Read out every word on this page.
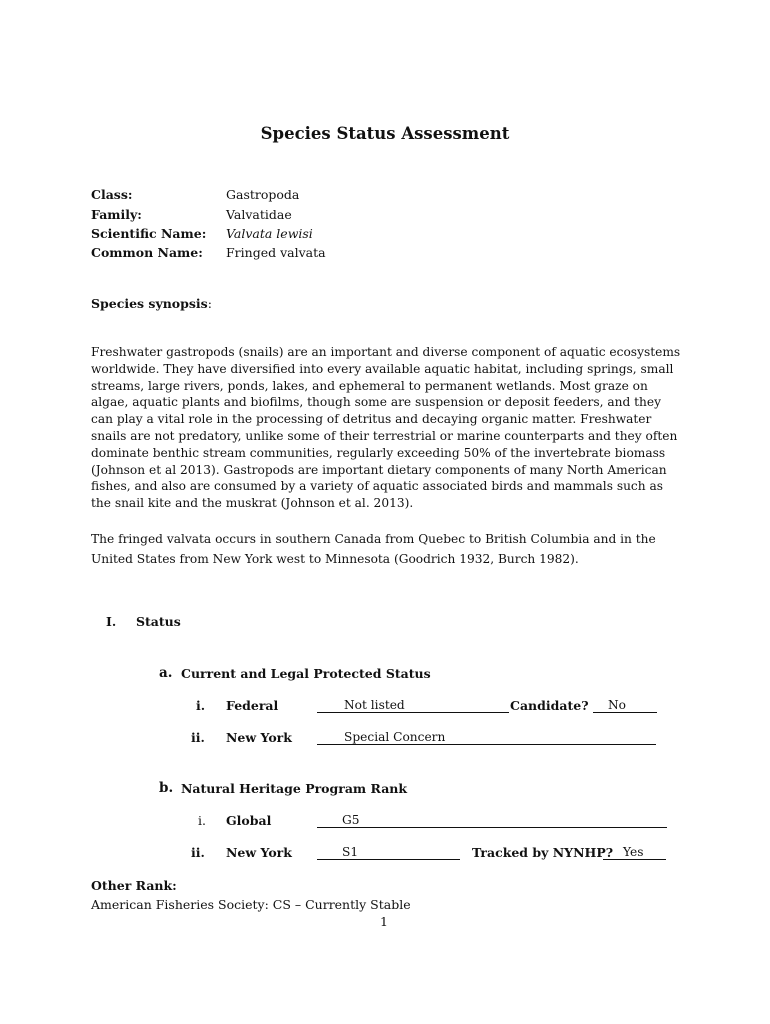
Species Status Assessment
Class:	Gastropoda
Family:	Valvatidae
Scientific Name: Valvata lewisi
Common Name: Fringed valvata
Species synopsis:
Freshwater gastropods (snails) are an important and diverse component of aquatic ecosystems worldwide. They have diversified into every available aquatic habitat, including springs, small streams, large rivers, ponds, lakes, and ephemeral to permanent wetlands. Most graze on algae, aquatic plants and biofilms, though some are suspension or deposit feeders, and they can play a vital role in the processing of detritus and decaying organic matter. Freshwater snails are not predatory, unlike some of their terrestrial or marine counterparts and they often dominate benthic stream communities, regularly exceeding 50% of the invertebrate biomass (Johnson et al 2013). Gastropods are important dietary components of many North American fishes, and also are consumed by a variety of aquatic associated birds and mammals such as the snail kite and the muskrat (Johnson et al. 2013).
The fringed valvata occurs in southern Canada from Quebec to British Columbia and in the United States from New York west to Minnesota (Goodrich 1932, Burch 1982).
I. Status
a. Current and Legal Protected Status
i. Federal	Not listed	Candidate? No
ii. New York	Special Concern
b. Natural Heritage Program Rank
i. Global	G5
ii. New York	S1	Tracked by NYNHP? Yes
Other Rank:
American Fisheries Society: CS – Currently Stable
1
